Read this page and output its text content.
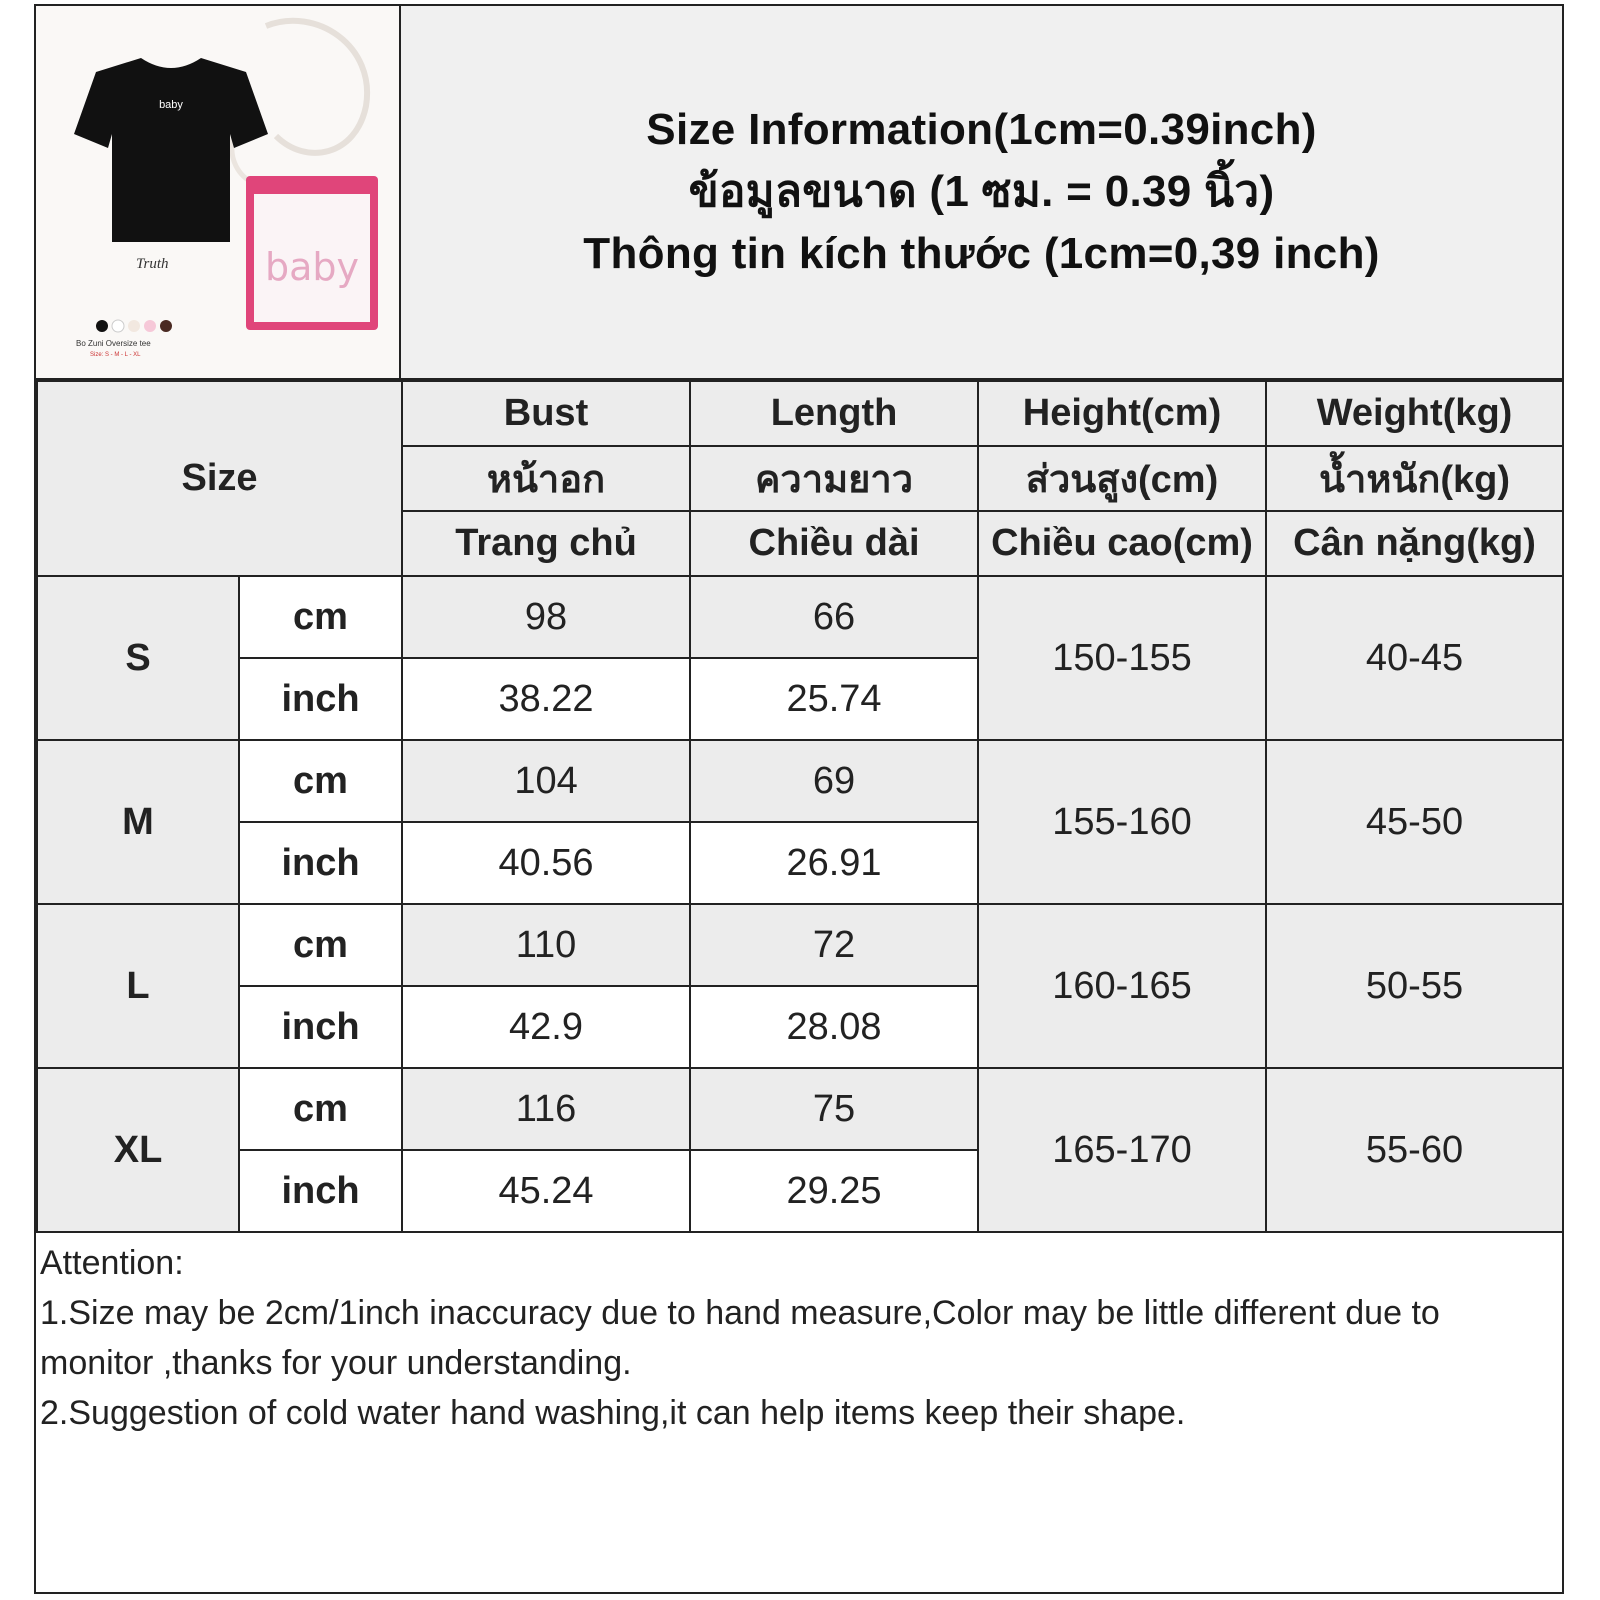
baby
Truth	baby
Bo Zuni Oversize tee
Size: S - M - L - XL
Size Information(1cm=0.39inch)
ข้อมูลขนาด (1 ซม. = 0.39 นิ้ว)
Thông tin kích thước (1cm=0,39 inch)
Size		Bust	Length	Height(cm)	Weight(kg)
		หน้าอก	ความยาว	ส่วนสูง(cm)	น้ำหนัก(kg)
		Trang chủ	Chiều dài	Chiều cao(cm)	Cân nặng(kg)
S	cm	98	66	150-155	40-45
	inch	38.22	25.74		
M	cm	104	69	155-160	45-50
	inch	40.56	26.91		
L	cm	110	72	160-165	50-55
	inch	42.9	28.08		
XL	cm	116	75	165-170	55-60
	inch	45.24	29.25		

Attention:

1.Size may be 2cm/1inch inaccuracy due to hand measure,Color may be little different due to monitor ,thanks for your understanding.

2.Suggestion of cold water hand washing,it can help items keep their shape.
